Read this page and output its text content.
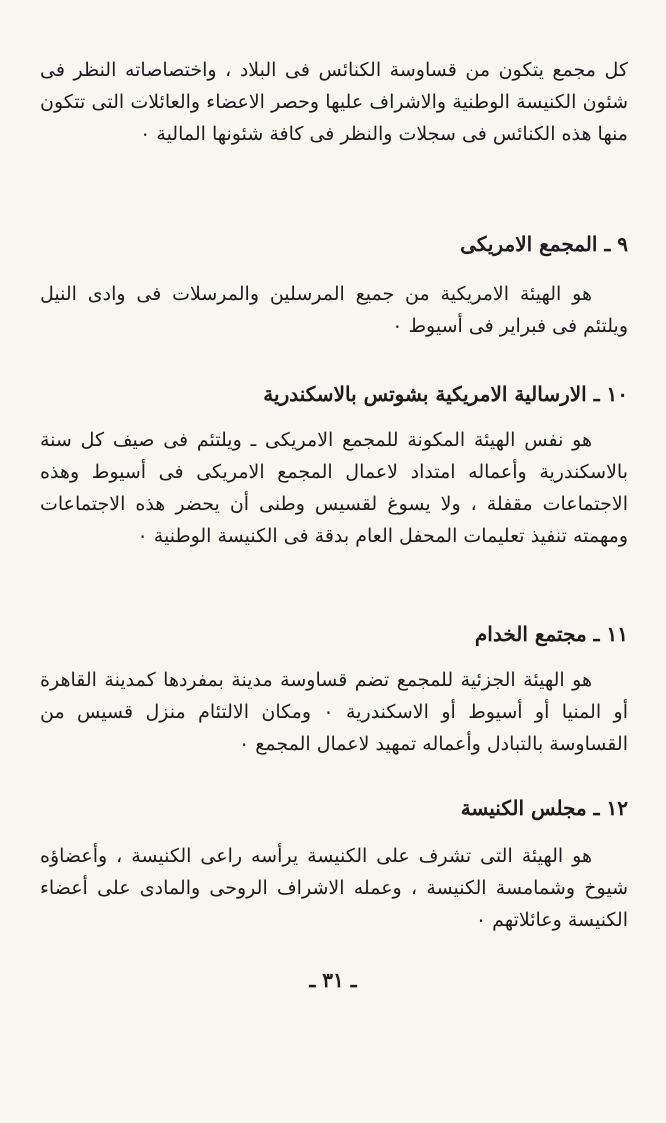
كل مجمع يتكون من قساوسة الكنائس فى البلاد ، واختصاصاته النظر فى شئون الكنيسة الوطنية والاشراف عليها وحصر الاعضاء والعائلات التى تتكون منها هذه الكنائس فى سجلات والنظر فى كافة شئونها المالية ٠

٩ ـ المجمع الامريكى

هو الهيئة الامريكية من جميع المرسلين والمرسلات فى وادى النيل ويلتئم فى فبراير فى أسيوط ٠

١٠ ـ الارسالية الامريكية بشوتس بالاسكندرية

هو نفس الهيئة المكونة للمجمع الامريكى ـ ويلتئم فى صيف كل سنة بالاسكندرية وأعماله امتداد لاعمال المجمع الامريكى فى أسيوط وهذه الاجتماعات مقفلة ، ولا يسوغ لقسيس وطنى أن يحضر هذه الاجتماعات ومهمته تنفيذ تعليمات المحفل العام بدقة فى الكنيسة الوطنية ٠

١١ ـ مجتمع الخدام

هو الهيئة الجزئية للمجمع تضم قساوسة مدينة بمفردها كمدينة القاهرة أو المنيا أو أسيوط أو الاسكندرية ٠ ومكان الالتئام منزل قسيس من القساوسة بالتبادل وأعماله تمهيد لاعمال المجمع ٠

١٢ ـ مجلس الكنيسة

هو الهيئة التى تشرف على الكنيسة يرأسه راعى الكنيسة ، وأعضاؤه شيوخ وشمامسة الكنيسة ، وعمله الاشراف الروحى والمادى على أعضاء الكنيسة وعائلاتهم ٠

ـ ٣١ ـ
